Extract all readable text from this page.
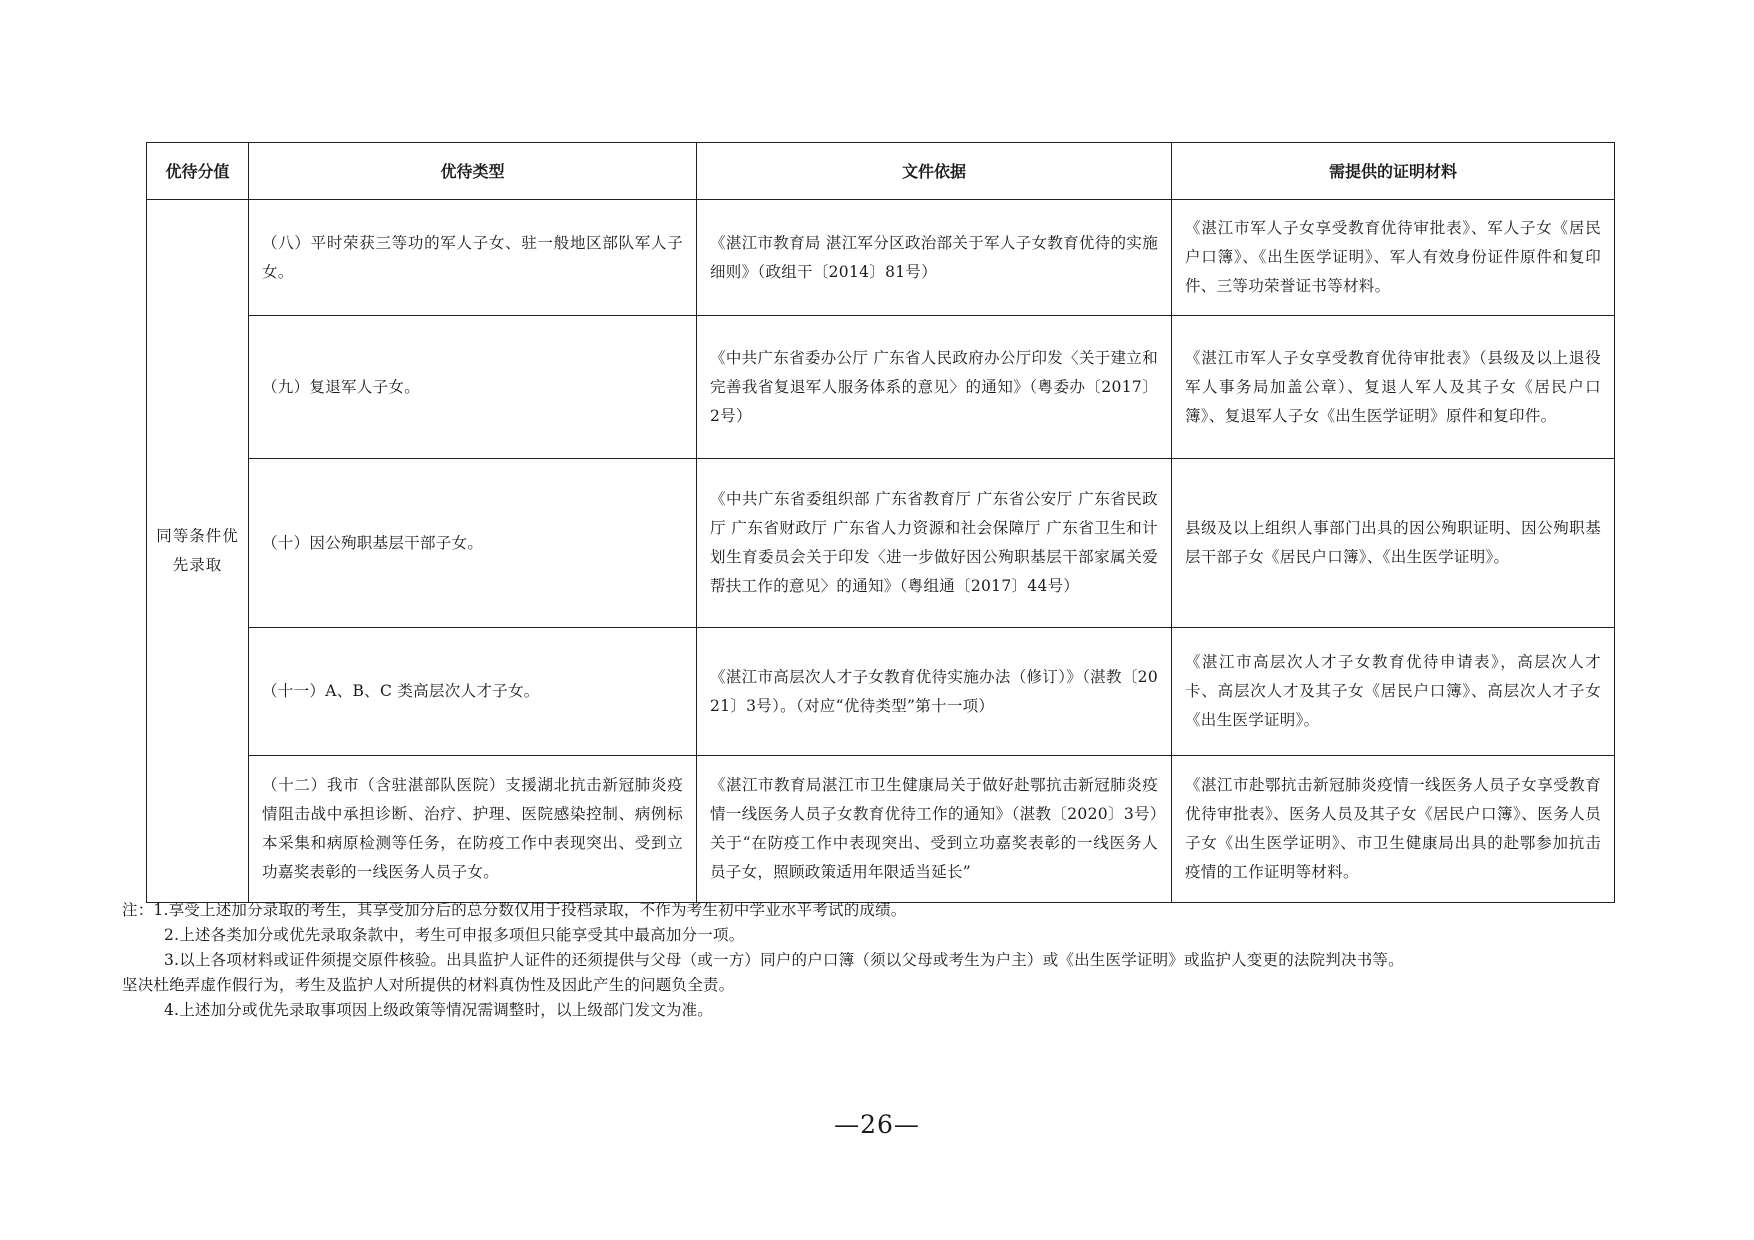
优待分值	优待类型	文件依据	需提供的证明材料
同等条件优先录取	（八）平时荣获三等功的军人子女、驻一般地区部队军人子女。	《湛江市教育局 湛江军分区政治部关于军人子女教育优待的实施细则》（政组干〔2014〕81号）	《湛江市军人子女享受教育优待审批表》、军人子女《居民户口簿》、《出生医学证明》、军人有效身份证件原件和复印件、三等功荣誉证书等材料。
	（九）复退军人子女。	《中共广东省委办公厅 广东省人民政府办公厅印发〈关于建立和完善我省复退军人服务体系的意见〉的通知》（粤委办〔2017〕2号）	《湛江市军人子女享受教育优待审批表》（县级及以上退役军人事务局加盖公章）、复退人军人及其子女《居民户口簿》、复退军人子女《出生医学证明》原件和复印件。
	（十）因公殉职基层干部子女。	《中共广东省委组织部 广东省教育厅 广东省公安厅 广东省民政厅 广东省财政厅 广东省人力资源和社会保障厅 广东省卫生和计划生育委员会关于印发〈进一步做好因公殉职基层干部家属关爱帮扶工作的意见〉的通知》（粤组通〔2017〕44号）	县级及以上组织人事部门出具的因公殉职证明、因公殉职基层干部子女《居民户口簿》、《出生医学证明》。
	（十一）A、B、C 类高层次人才子女。	《湛江市高层次人才子女教育优待实施办法（修订）》（湛教〔2021〕3号）。（对应“优待类型”第十一项）	《湛江市高层次人才子女教育优待申请表》，高层次人才卡、高层次人才及其子女《居民户口簿》、高层次人才子女《出生医学证明》。
	（十二）我市（含驻湛部队医院）支援湖北抗击新冠肺炎疫情阻击战中承担诊断、治疗、护理、医院感染控制、病例标本采集和病原检测等任务，在防疫工作中表现突出、受到立功嘉奖表彰的一线医务人员子女。	《湛江市教育局湛江市卫生健康局关于做好赴鄂抗击新冠肺炎疫情一线医务人员子女教育优待工作的通知》（湛教〔2020〕3号）关于“在防疫工作中表现突出、受到立功嘉奖表彰的一线医务人员子女，照顾政策适用年限适当延长”	《湛江市赴鄂抗击新冠肺炎疫情一线医务人员子女享受教育优待审批表》、医务人员及其子女《居民户口簿》、医务人员子女《出生医学证明》、市卫生健康局出具的赴鄂参加抗击疫情的工作证明等材料。
注：1.享受上述加分录取的考生，其享受加分后的总分数仅用于投档录取，不作为考生初中学业水平考试的成绩。
2.上述各类加分或优先录取条款中，考生可申报多项但只能享受其中最高加分一项。
3.以上各项材料或证件须提交原件核验。出具监护人证件的还须提供与父母（或一方）同户的户口簿（须以父母或考生为户主）或《出生医学证明》或监护人变更的法院判决书等。
坚决杜绝弄虚作假行为，考生及监护人对所提供的材料真伪性及因此产生的问题负全责。
4.上述加分或优先录取事项因上级政策等情况需调整时，以上级部门发文为准。
—26—
